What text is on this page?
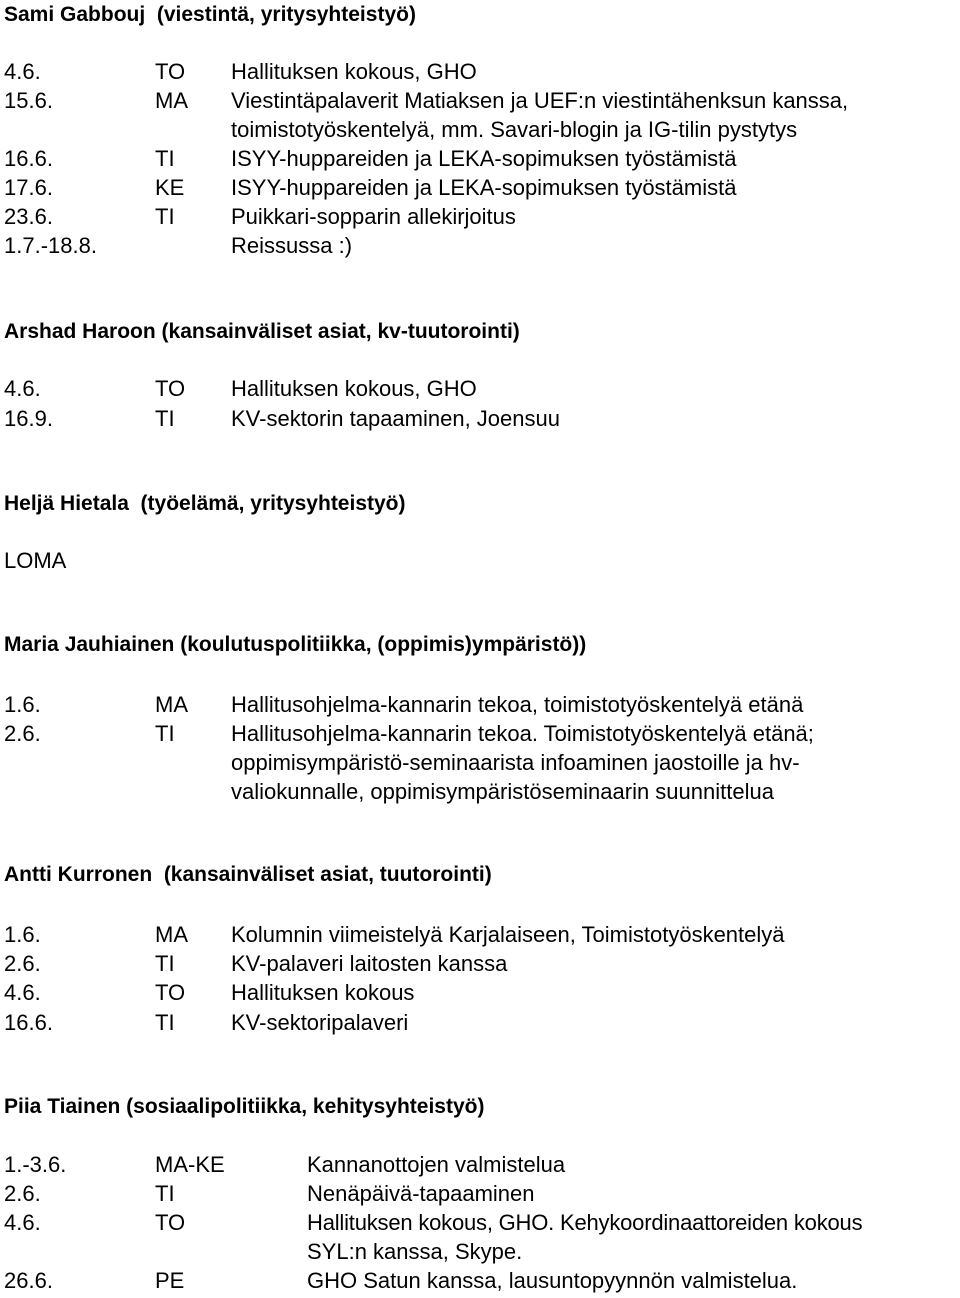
Sami Gabbouj  (viestintä, yritysyhteistyö)
4.6.	TO Hallituksen kokous, GHO
15.6.	MA Viestintäpalaverit Matiaksen ja UEF:n viestintähenksun kanssa,
toimistotyöskentelyä, mm. Savari-blogin ja IG-tilin pystytys
16.6.	TI	ISYY-huppareiden ja LEKA-sopimuksen työstämistä
17.6.	KE ISYY-huppareiden ja LEKA-sopimuksen työstämistä
23.6.	TI	Puikkari-sopparin allekirjoitus
1.7.-18.8.	Reissussa :)
Arshad Haroon (kansainväliset asiat, kv-tuutorointi)
4.6.	TO Hallituksen kokous, GHO
16.9.	TI	KV-sektorin tapaaminen, Joensuu
Heljä Hietala  (työelämä, yritysyhteistyö)
LOMA
Maria Jauhiainen (koulutuspolitiikka, (oppimis)ympäristö))
1.6.	MA Hallitusohjelma-kannarin tekoa, toimistotyöskentelyä etänä
2.6.	TI	Hallitusohjelma-kannarin tekoa. Toimistotyöskentelyä etänä;
oppimisympäristö-seminaarista infoaminen jaostoille ja hv-
valiokunnalle, oppimisympäristöseminaarin suunnittelua
Antti Kurronen  (kansainväliset asiat, tuutorointi)
1.6.	MA Kolumnin viimeistelyä Karjalaiseen, Toimistotyöskentelyä
2.6.	TI	KV-palaveri laitosten kanssa
4.6.	TO Hallituksen kokous
16.6.	TI	KV-sektoripalaveri
Piia Tiainen (sosiaalipolitiikka, kehitysyhteistyö)
1.-3.6.	MA-KE	Kannanottojen valmistelua
2.6.	TI	Nenäpäivä-tapaaminen
4.6.	TO	Hallituksen kokous, GHO. Kehykoordinaattoreiden kokous
SYL:n kanssa, Skype.
26.6.	PE	GHO Satun kanssa, lausuntopyynnön valmistelua.
